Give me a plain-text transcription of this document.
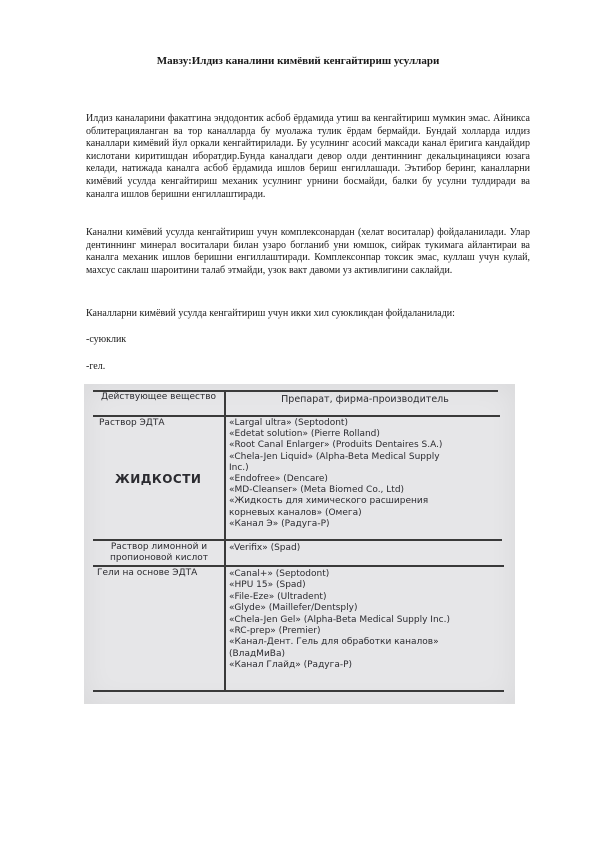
Мавзу:Илдиз каналини кимёвий кенгайтириш усуллари

Илдиз каналарини факатгина эндодонтик асбоб ёрдамида утиш ва кенгайтириш мумкин эмас. Айникса облитерацияланган ва тор каналларда бу муолажа тулик ёрдам бермайди. Бундай холларда илдиз каналлари кимёвий йул оркали кенгайтирилади. Бу усулнинг асосий максади канал ёригига кандайдир кислотани киритишдан иборатдир.Бунда каналдаги девор олди дентиннинг декальцинацияси юзага келади, натижада каналга асбоб ёрдамида ишлов бериш енгиллашади. Эътибор беринг, каналларни кимёвий усулда кенгайтириш механик усулнинг урнини босмайди, балки бу усулни тулдиради ва каналга ишлов беришни енгиллаштиради.

Канални кимёвий усулда кенгайтириш учун комплексонардан (хелат воситалар) фойдаланилади. Улар дентиннинг минерал воситалари билан узаро богланиб уни юмшок, сийрак тукимага айлантираи ва каналга механик ишлов беришни енгиллаштиради. Комплексонпар токсик эмас, куллаш учун кулай, махсус саклаш шароитини талаб этмайди, узок вакт давоми уз активлигини саклайди.

Каналларни кимёвий усулда кенгайтириш учун икки хил суюкликдан фойдаланилади:

-суюклик

-гел.

Действующее вещество	Препарат, фирма-производитель
Раствор ЭДТА
ЖИДКОСТИ
«Largal ultra» (Septodont)
«Edetat solution» (Pierre Rolland)
«Root Canal Enlarger» (Produits Dentaires S.A.)
«Chela-Jen Liquid» (Alpha-Beta Medical Supply
Inc.)
«Endofree» (Dencare)
«MD-Cleanser» (Meta Biomed Co., Ltd)
«Жидкость для химического расширения
корневых каналов» (Омега)
«Канал Э» (Радуга-Р)
Раствор лимонной и пропионовой кислот
«Verifix» (Spad)
Гели на основе ЭДТА	«Canal+» (Septodont)
«HPU 15» (Spad)
«File-Eze» (Ultradent)
«Glyde» (Maillefer/Dentsply)
«Chela-Jen Gel» (Alpha-Beta Medical Supply Inc.)
«RC-prep» (Premier)
«Канал-Дент. Гель для обработки каналов»
(ВладМиВа)
«Канал Глайд» (Радуга-Р)
